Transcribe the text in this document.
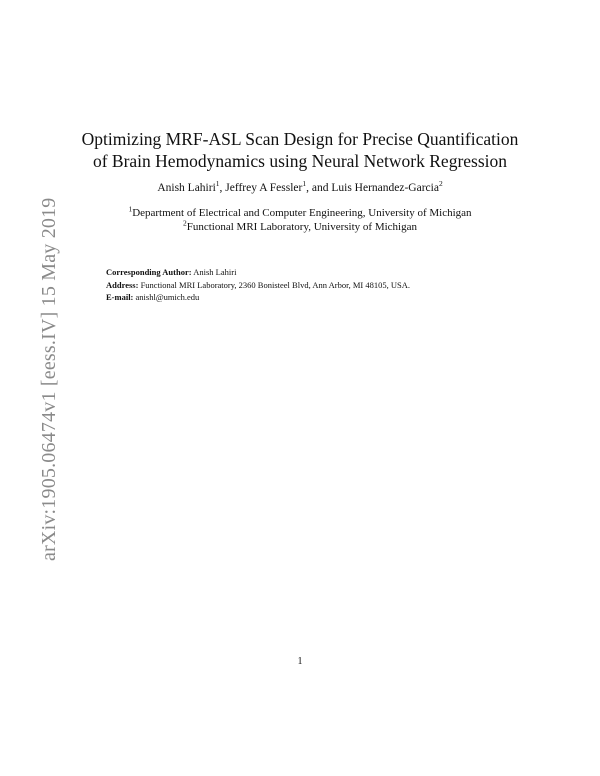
arXiv:1905.06474v1 [eess.IV] 15 May 2019
Optimizing MRF-ASL Scan Design for Precise Quantification
of Brain Hemodynamics using Neural Network Regression
Anish Lahiri$^1$, Jeffrey A Fessler$^1$, and Luis Hernandez-Garcia$^2$
$^1$Department of Electrical and Computer Engineering, University of Michigan
$^2$Functional MRI Laboratory, University of Michigan
Corresponding Author: Anish Lahiri
Address: Functional MRI Laboratory, 2360 Bonisteel Blvd, Ann Arbor, MI 48105, USA.
E-mail: anishl@umich.edu
1
